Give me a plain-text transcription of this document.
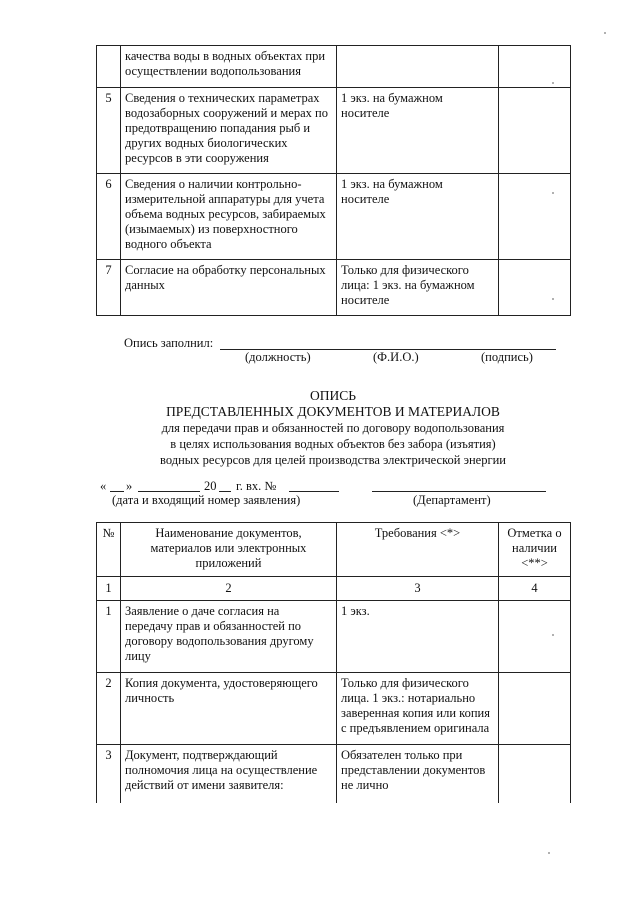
	качества воды в водных объектах при
осуществлении водопользования		
5	Сведения о технических параметрах
водозаборных сооружений и мерах по
предотвращению попадания рыб и
других водных биологических
ресурсов в эти сооружения	1 экз. на бумажном
носителе	
6	Сведения о наличии контрольно-
измерительной аппаратуры для учета
объема водных ресурсов, забираемых
(изымаемых) из поверхностного
водного объекта	1 экз. на бумажном
носителе	
7	Согласие на обработку персональных
данных	Только для физического
лица: 1 экз. на бумажном
носителе	
Опись заполнил:
(должность)	(Ф.И.О.)	(подпись)
ОПИСЬ
ПРЕДСТАВЛЕННЫХ ДОКУМЕНТОВ И МАТЕРИАЛОВ
для передачи прав и обязанностей по договору водопользования
в целях использования водных объектов без забора (изъятия)
водных ресурсов для целей производства электрической энергии
« »	20 г. вх. №
(дата и входящий номер заявления)	(Департамент)
№	Наименование документов,
материалов или электронных
приложений	Требования <*>	Отметка о
наличии
<**>
1	2	3	4
1	Заявление о даче согласия на
передачу прав и обязанностей по
договору водопользования другому
лицу	1 экз.	
2	Копия документа, удостоверяющего
личность	Только для физического
лица. 1 экз.: нотариально
заверенная копия или копия
с предъявлением оригинала	
3	Документ, подтверждающий
полномочия лица на осуществление
действий от имени заявителя:	Обязателен только при
представлении документов
не лично	
